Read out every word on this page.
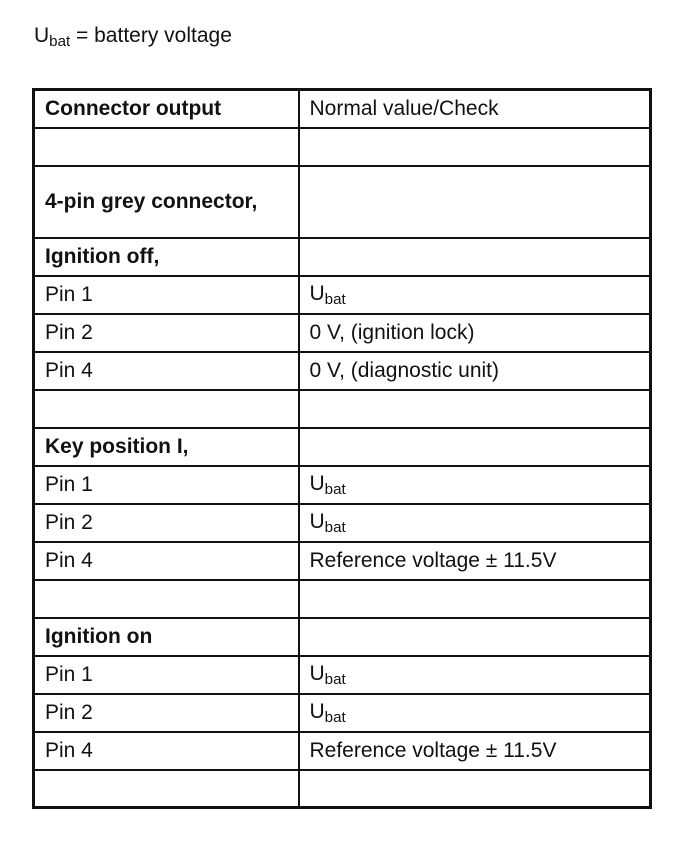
$U_{bat}$ = battery voltage
Connector output	Normal value/Check

4-pin grey connector,	
Ignition off,	
Pin 1	$U_{bat}$
Pin 2	0 V, (ignition lock)
Pin 4	0 V, (diagnostic unit)

Key position I,	
Pin 1	$U_{bat}$
Pin 2	$U_{bat}$
Pin 4	Reference voltage ± 11.5V

Ignition on	
Pin 1	$U_{bat}$
Pin 2	$U_{bat}$
Pin 4	Reference voltage ± 11.5V
